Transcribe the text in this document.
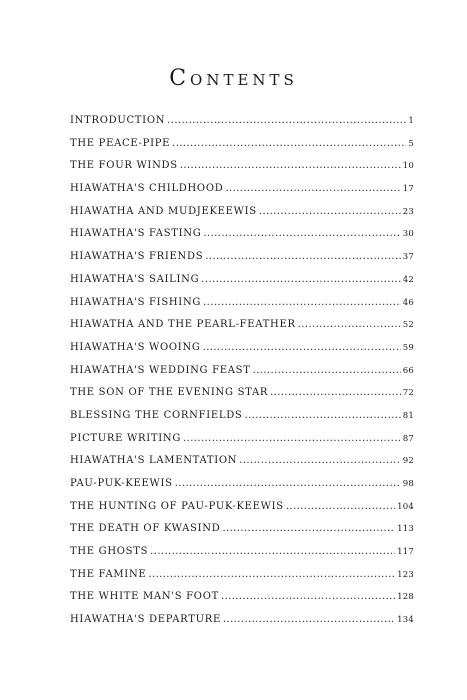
Contents
INTRODUCTION .....	1
THE PEACE-PIPE .....	5
THE FOUR WINDS .....	10
HIAWATHA'S CHILDHOOD .....	17
HIAWATHA AND MUDJEKEEWIS .....	23
HIAWATHA'S FASTING .....	30
HIAWATHA'S FRIENDS .....	37
HIAWATHA'S SAILING .....	42
HIAWATHA'S FISHING .....	46
HIAWATHA AND THE PEARL-FEATHER .....	52
HIAWATHA'S WOOING .....	59
HIAWATHA'S WEDDING FEAST .....	66
THE SON OF THE EVENING STAR .....	72
BLESSING THE CORNFIELDS .....	81
PICTURE WRITING .....	87
HIAWATHA'S LAMENTATION .....	92
PAU-PUK-KEEWIS .....	98
THE HUNTING OF PAU-PUK-KEEWIS .....	104
THE DEATH OF KWASIND .....	113
THE GHOSTS .....	117
THE FAMINE .....	123
THE WHITE MAN'S FOOT .....	128
HIAWATHA'S DEPARTURE .....	134
